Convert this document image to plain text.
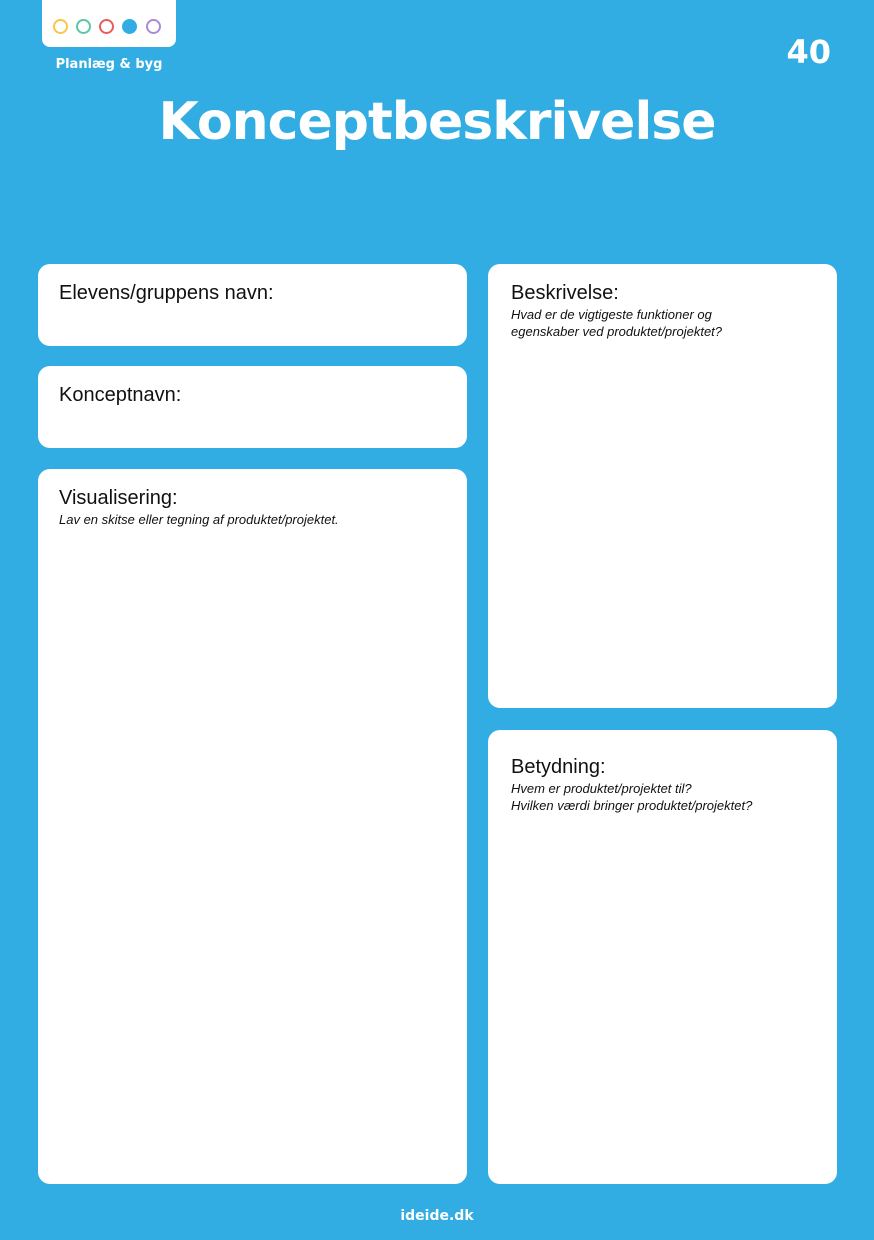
Planlæg & byg	40
Konceptbeskrivelse
Elevens/gruppens navn:
Konceptnavn:
Visualisering:
Lav en skitse eller tegning af produktet/projektet.
Beskrivelse:
Hvad er de vigtigeste funktioner og
egenskaber ved produktet/projektet?
Betydning:
Hvem er produktet/projektet til?
Hvilken værdi bringer produktet/projektet?
ideide.dk
